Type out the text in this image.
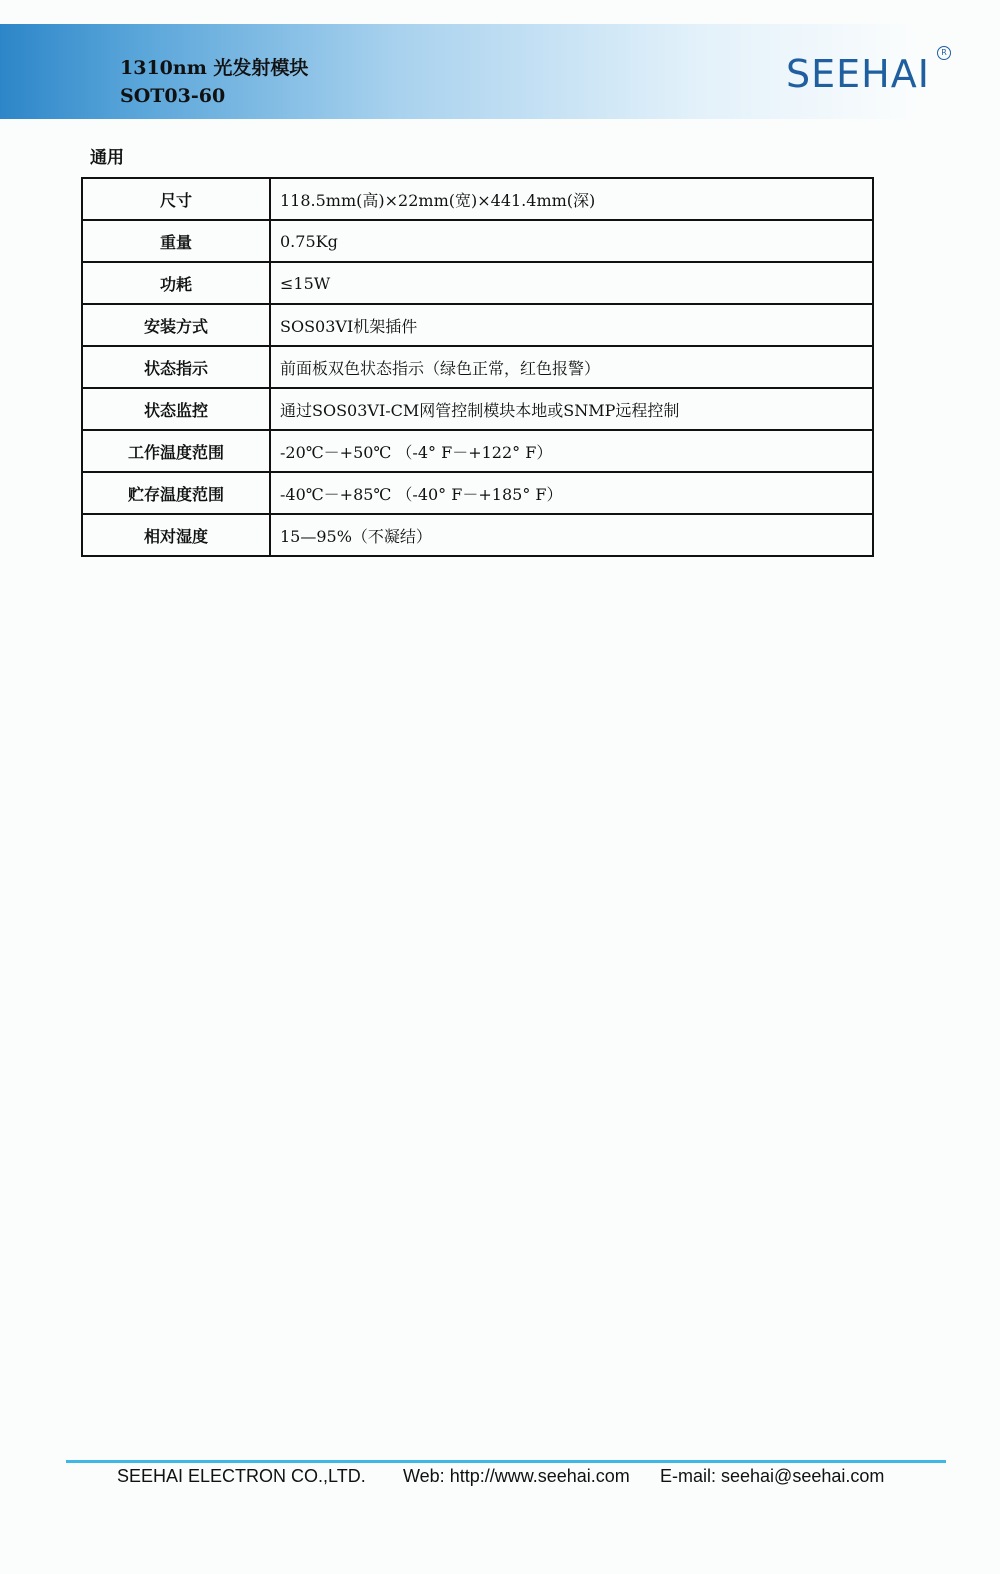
1310nm 光发射模块
SOT03-60	SEEHAI	R
通用
尺寸	118.5mm(高)×22mm(宽)×441.4mm(深)
重量	0.75Kg
功耗	≤15W
安装方式	SOS03VI机架插件
状态指示	前面板双色状态指示（绿色正常，红色报警）
状态监控	通过SOS03VI-CM网管控制模块本地或SNMP远程控制
工作温度范围	-20℃－+50℃ （-4° F－+122° F）
贮存温度范围	-40℃－+85℃ （-40° F－+185° F）
相对湿度	15—95%（不凝结）
SEEHAI ELECTRON CO.,LTD. Web: http://www.seehai.com E-mail: seehai@seehai.com
